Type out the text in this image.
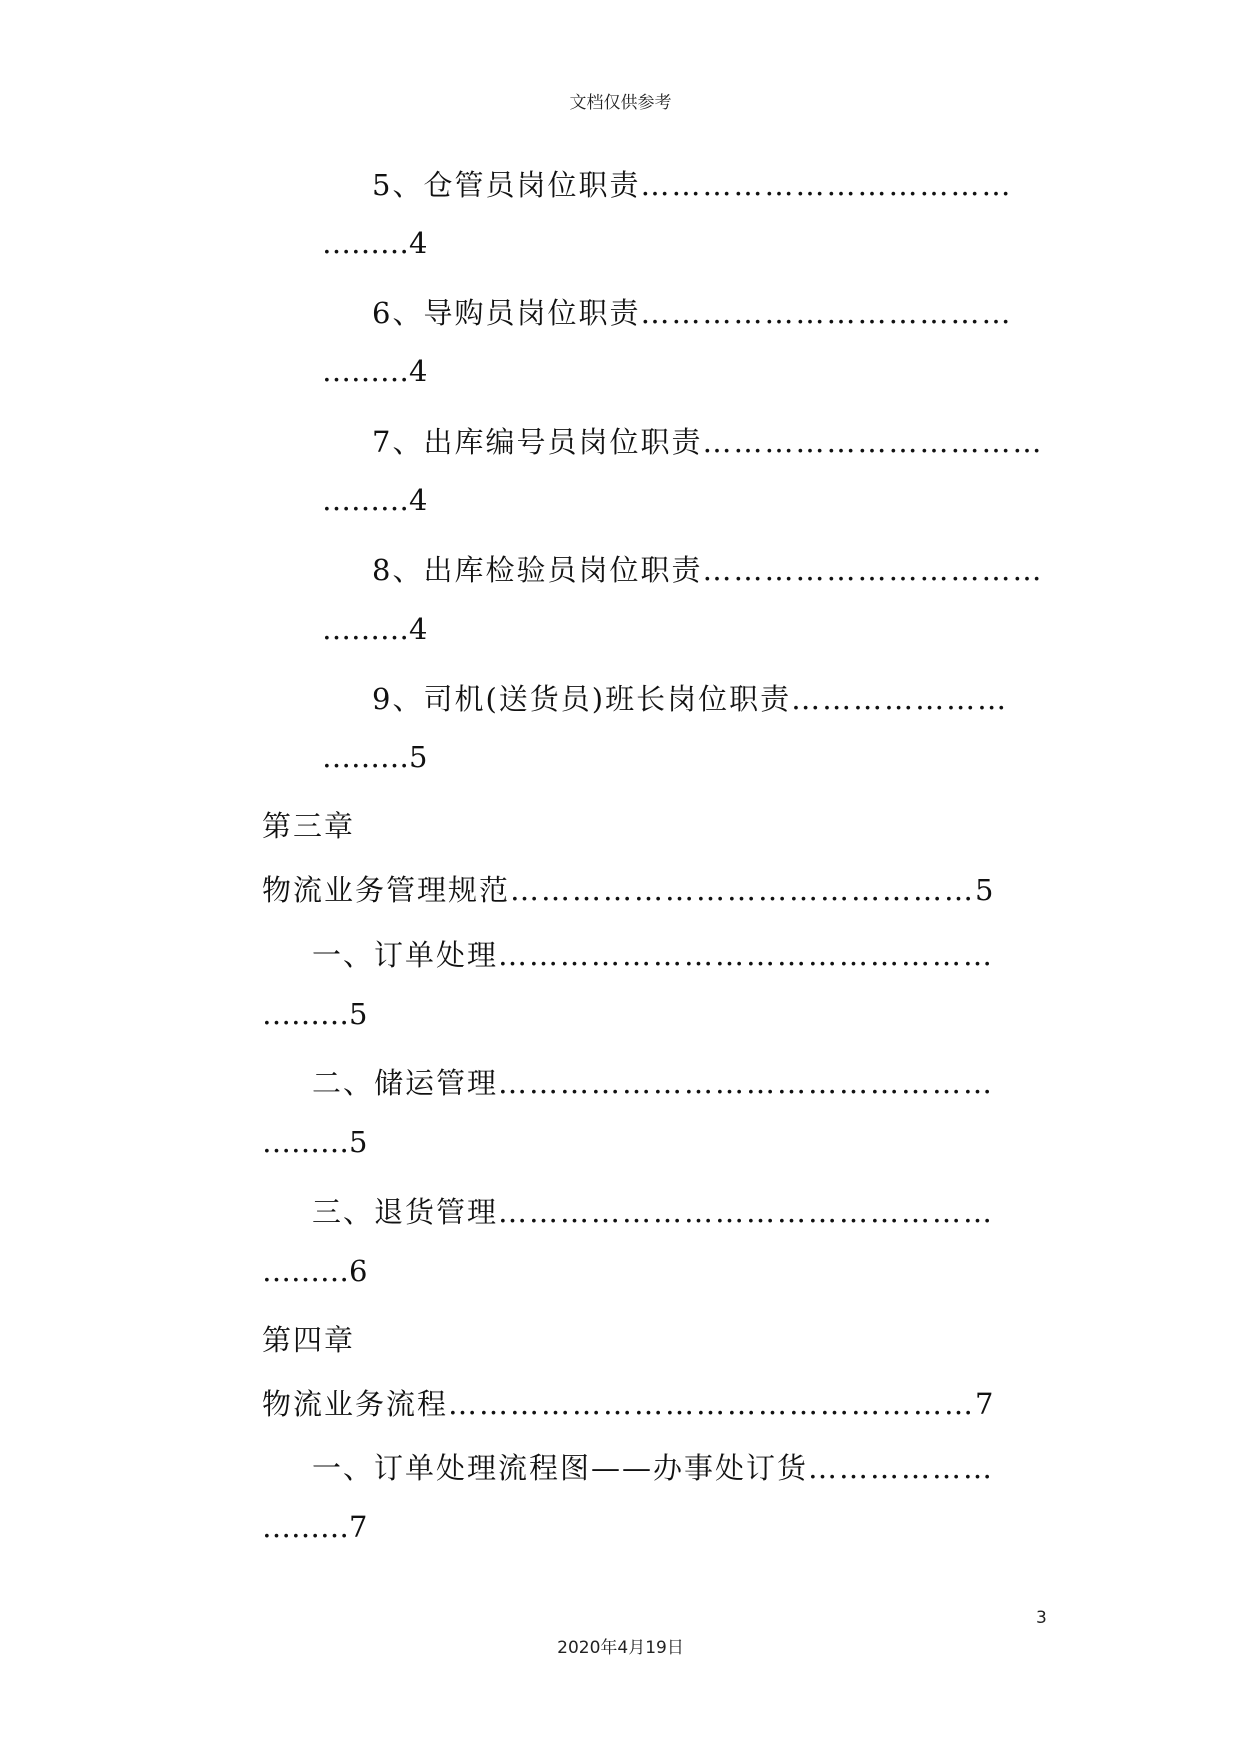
文档仅供参考
5、仓管员岗位职责………………………………
………4
6、导购员岗位职责………………………………
………4
7、出库编号员岗位职责……………………………
………4
8、出库检验员岗位职责……………………………
………4
9、司机(送货员)班长岗位职责…………………
………5
第三章
物流业务管理规范………………………………………5
一、订单处理…………………………………………
………5
二、储运管理…………………………………………
………5
三、退货管理…………………………………………
………6
第四章
物流业务流程……………………………………………7
一、订单处理流程图——办事处订货………………
………7
3
2020年4月19日
